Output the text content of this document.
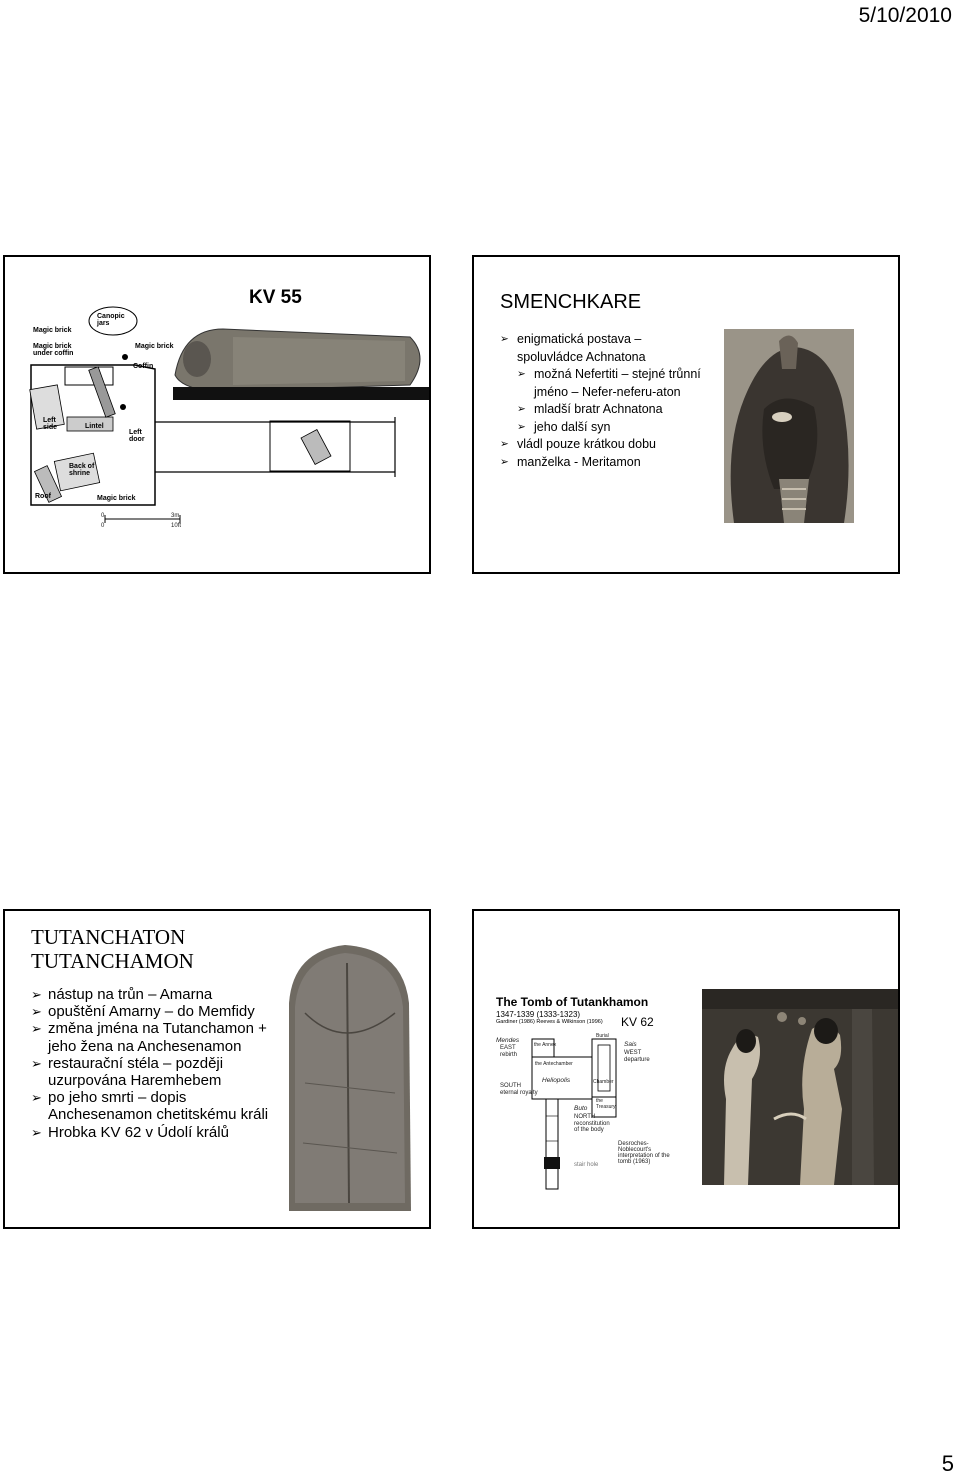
5/10/2010
KV 55
Magic brick
Canopic jars
Magic brick under coffin
Magic brick
Coffin
Left side	Lintel
Left door
Back of shrine
Roof	Magic brick
0	3m
0	10ft
SMENCHKARE
➢ enigmatická postava – spoluvládce Achnatona
➢ možná Nefertiti – stejné trůnní jméno – Nefer-neferu-aton
➢ mladší bratr Achnatona
➢ jeho další syn
➢ vládl pouze krátkou dobu
➢ manželka - Meritamon
TUTANCHATON
TUTANCHAMON
➢ nástup na trůn – Amarna
➢ opuštění Amarny – do Memfidy
➢ změna jména na Tutanchamon + jeho žena na Anchesenamon
➢ restaurační stéla – později uzurpována Haremhebem
➢ po jeho smrti – dopis Anchesenamon chetitskému králi
➢ Hrobka KV 62 v Údolí králů
The Tomb of Tutankhamon
1347-1339 (1333-1323)
Gardiner (1986) Reeves & Wilkinson (1996) KV 62
Mendes
EAST
rebirth
the Annex
Burial
Sais
WEST
departure
the Antechamber
Heliopolis	Chamber
SOUTH
eternal royalty
the Treasury
Buto
NORTH
reconstitution of the body
Desroches-Noblecourt's interpretation of the tomb (1963)
stair hole
5
